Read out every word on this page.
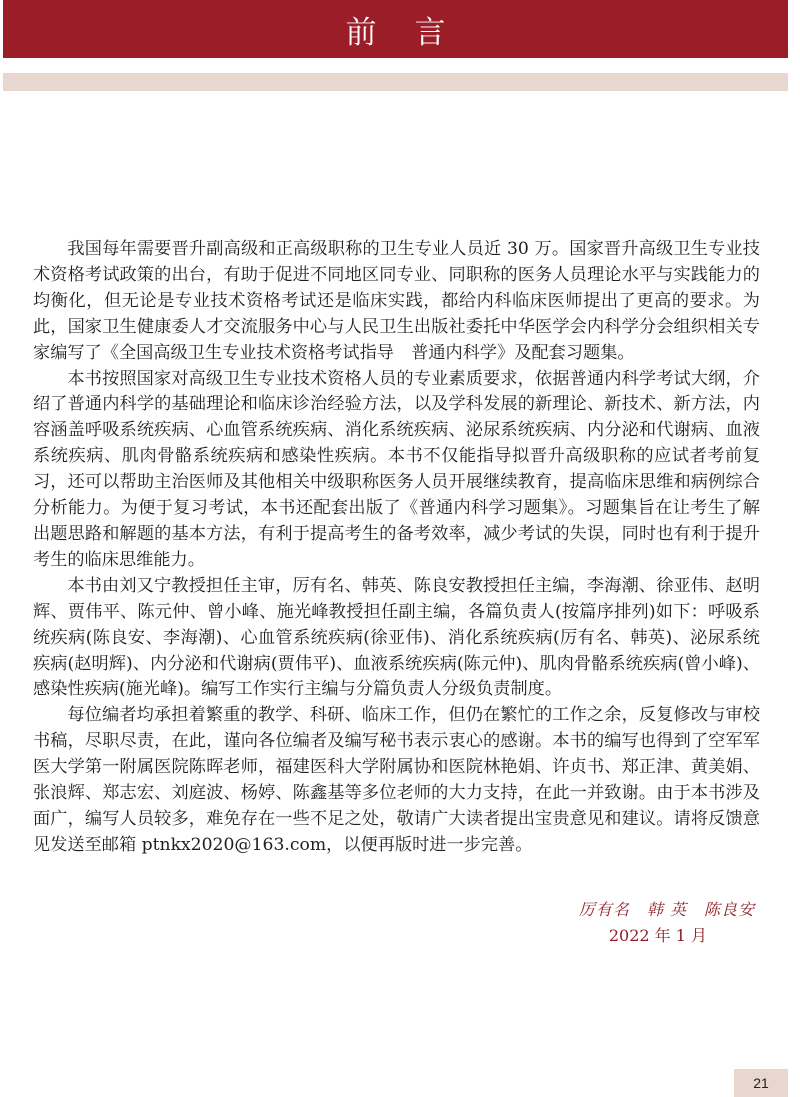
前言

我国每年需要晋升副高级和正高级职称的卫生专业人员近 30 万。国家晋升高级卫生专业技术资格考试政策的出台，有助于促进不同地区同专业、同职称的医务人员理论水平与实践能力的均衡化，但无论是专业技术资格考试还是临床实践，都给内科临床医师提出了更高的要求。为此，国家卫生健康委人才交流服务中心与人民卫生出版社委托中华医学会内科学分会组织相关专家编写了《全国高级卫生专业技术资格考试指导　普通内科学》及配套习题集。

本书按照国家对高级卫生专业技术资格人员的专业素质要求，依据普通内科学考试大纲，介绍了普通内科学的基础理论和临床诊治经验方法，以及学科发展的新理论、新技术、新方法，内容涵盖呼吸系统疾病、心血管系统疾病、消化系统疾病、泌尿系统疾病、内分泌和代谢病、血液系统疾病、肌肉骨骼系统疾病和感染性疾病。本书不仅能指导拟晋升高级职称的应试者考前复习，还可以帮助主治医师及其他相关中级职称医务人员开展继续教育，提高临床思维和病例综合分析能力。为便于复习考试，本书还配套出版了《普通内科学习题集》。习题集旨在让考生了解出题思路和解题的基本方法，有利于提高考生的备考效率，减少考试的失误，同时也有利于提升考生的临床思维能力。

本书由刘又宁教授担任主审，厉有名、韩英、陈良安教授担任主编，李海潮、徐亚伟、赵明辉、贾伟平、陈元仲、曾小峰、施光峰教授担任副主编，各篇负责人(按篇序排列)如下：呼吸系统疾病(陈良安、李海潮)、心血管系统疾病(徐亚伟)、消化系统疾病(厉有名、韩英)、泌尿系统疾病(赵明辉)、内分泌和代谢病(贾伟平)、血液系统疾病(陈元仲)、肌肉骨骼系统疾病(曾小峰)、感染性疾病(施光峰)。编写工作实行主编与分篇负责人分级负责制度。

每位编者均承担着繁重的教学、科研、临床工作，但仍在繁忙的工作之余，反复修改与审校书稿，尽职尽责，在此，谨向各位编者及编写秘书表示衷心的感谢。本书的编写也得到了空军军医大学第一附属医院陈晖老师，福建医科大学附属协和医院林艳娟、许贞书、郑正津、黄美娟、张浪辉、郑志宏、刘庭波、杨婷、陈鑫基等多位老师的大力支持，在此一并致谢。由于本书涉及面广，编写人员较多，难免存在一些不足之处，敬请广大读者提出宝贵意见和建议。请将反馈意见发送至邮箱 ptnkx2020@163.com，以便再版时进一步完善。

厉有名　韩 英　陈良安
2022 年 1 月
21
